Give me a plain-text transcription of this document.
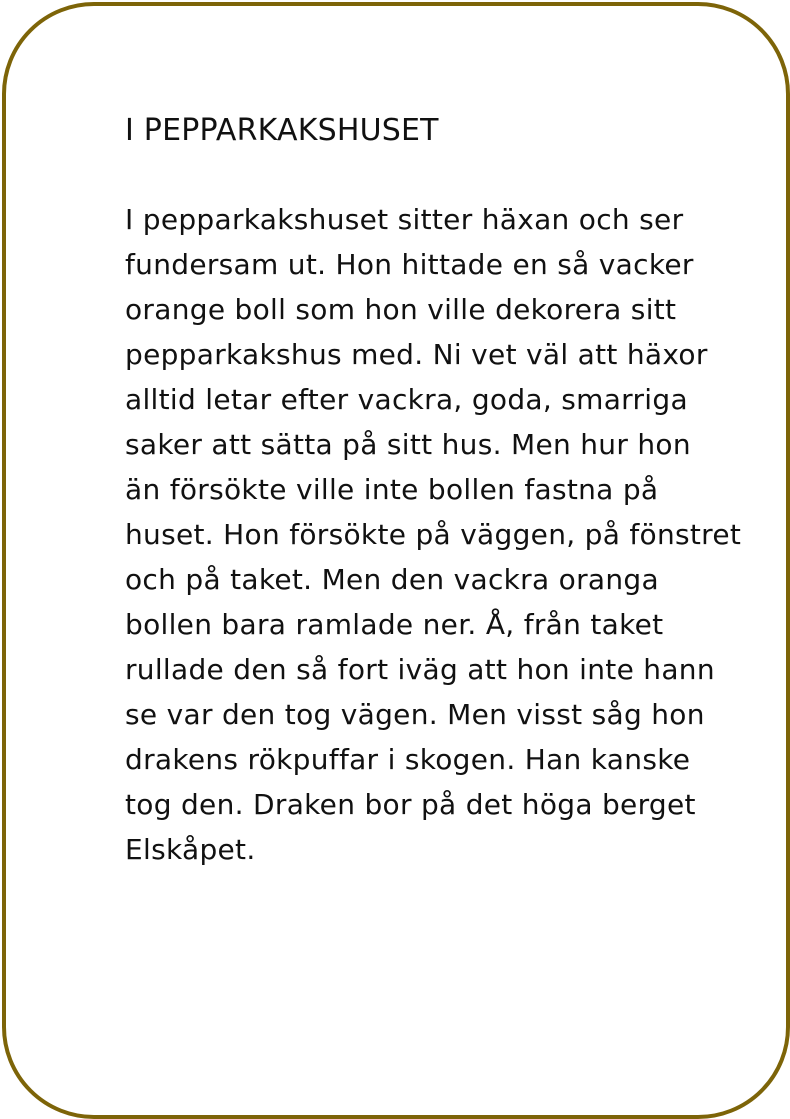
I PEPPARKAKSHUSET

I pepparkakshuset sitter häxan och ser
fundersam ut. Hon hittade en så vacker
orange boll som hon ville dekorera sitt
pepparkakshus med. Ni vet väl att häxor
alltid letar efter vackra, goda, smarriga
saker att sätta på sitt hus. Men hur hon
än försökte ville inte bollen fastna på
huset. Hon försökte på väggen, på fönstret
och på taket. Men den vackra oranga
bollen bara ramlade ner. Å, från taket
rullade den så fort iväg att hon inte hann
se var den tog vägen. Men visst såg hon
drakens rökpuffar i skogen. Han kanske
tog den. Draken bor på det höga berget
Elskåpet.
